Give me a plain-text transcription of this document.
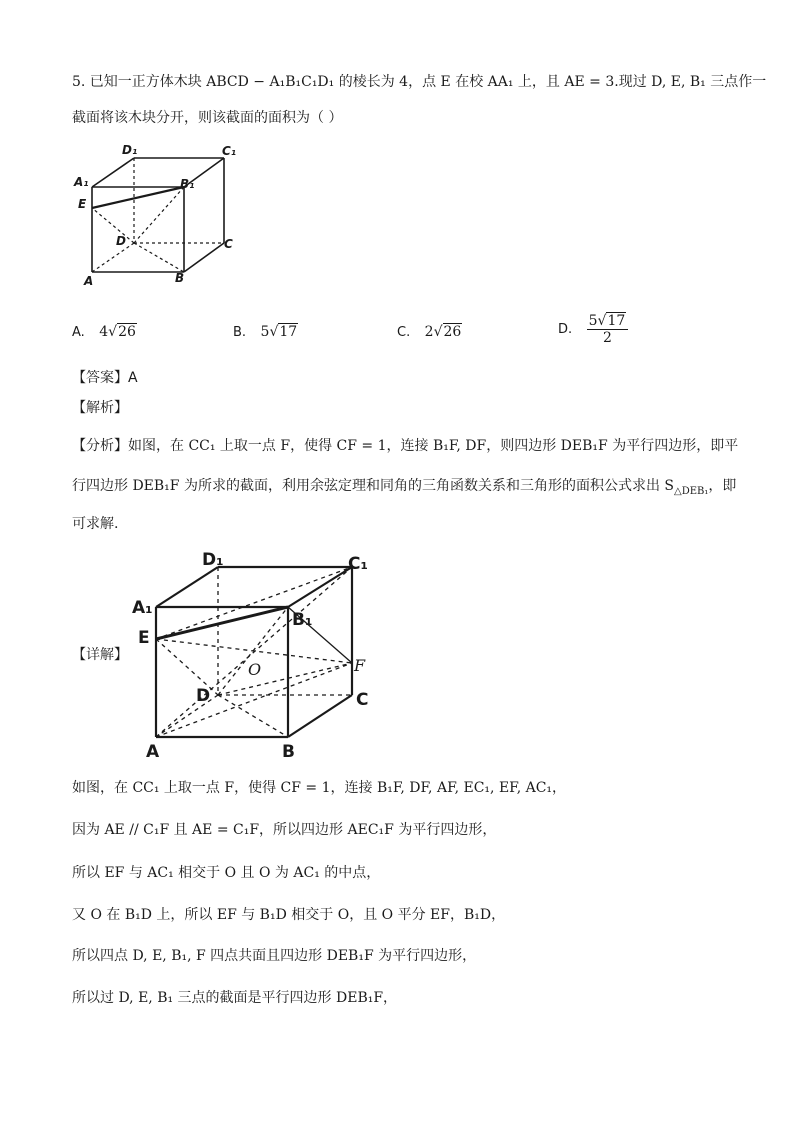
5. 已知一正方体木块 ABCD − A₁B₁C₁D₁ 的棱长为 4，点 E 在校 AA₁ 上，且 AE = 3.现过 D, E, B₁ 三点作一
截面将该木块分开，则该截面的面积为（ ）
D₁	C₁
A₁	B₁
E
D	C
A	B
A. 4√26	B. 5√17	C. 2√26	D. $\frac{5√17}{2}$
【答案】A
【解析】
【分析】如图，在 CC₁ 上取一点 F，使得 CF = 1，连接 B₁F, DF，则四边形 DEB₁F 为平行四边形，即平
行四边形 DEB₁F 为所求的截面，利用余弦定理和同角的三角函数关系和三角形的面积公式求出 $S_{\triangle DEB_1}$，即
可求解.
【详解】
D₁	C₁
A₁
B₁
E
D	C
A	B
O	F
如图，在 CC₁ 上取一点 F，使得 CF = 1，连接 B₁F, DF, AF, EC₁, EF, AC₁，
因为 AE // C₁F 且 AE = C₁F，所以四边形 AEC₁F 为平行四边形，
所以 EF 与 AC₁ 相交于 O 且 O 为 AC₁ 的中点，
又 O 在 B₁D 上，所以 EF 与 B₁D 相交于 O，且 O 平分 EF，B₁D，
所以四点 D, E, B₁, F 四点共面且四边形 DEB₁F 为平行四边形，
所以过 D, E, B₁ 三点的截面是平行四边形 DEB₁F，
